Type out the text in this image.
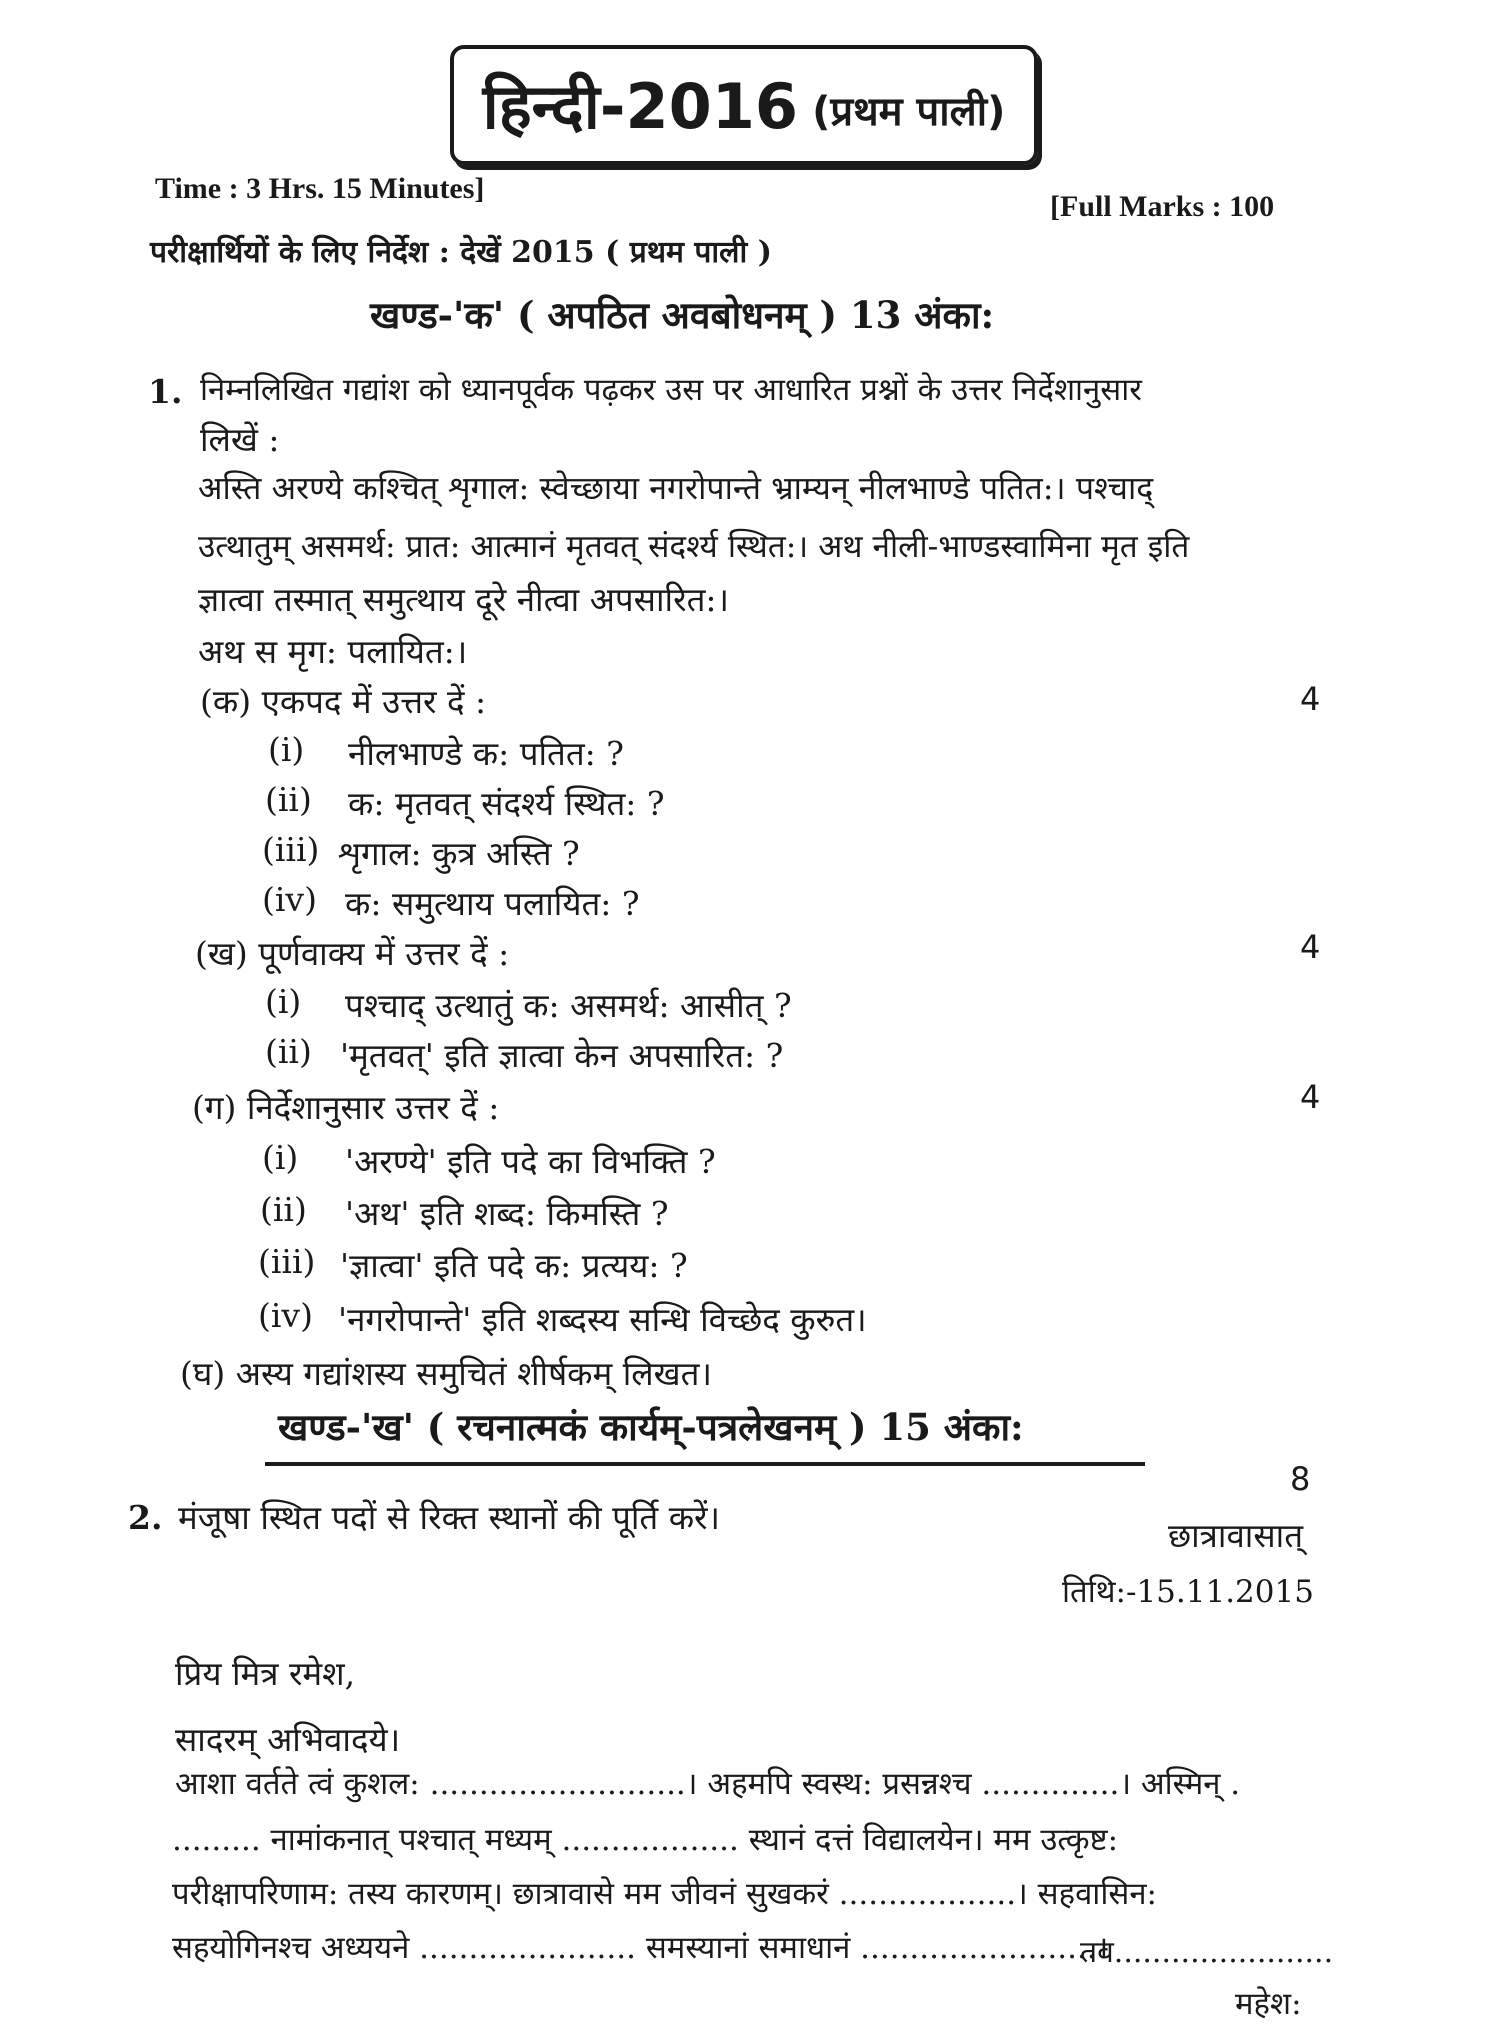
हिन्दी-2016 (प्रथम पाली)
Time : 3 Hrs. 15 Minutes]
[Full Marks : 100
परीक्षार्थियों के लिए निर्देश : देखें 2015 ( प्रथम पाली )
खण्ड-'क' ( अपठित अवबोधनम् ) 13 अंका:
1. निम्नलिखित गद्यांश को ध्यानपूर्वक पढ़कर उस पर आधारित प्रश्नों के उत्तर निर्देशानुसार
लिखें :
अस्ति अरण्ये कश्चित् शृगाल: स्वेच्छाया नगरोपान्ते भ्राम्यन् नीलभाण्डे पतित:। पश्चाद्
उत्थातुम् असमर्थ: प्रात: आत्मानं मृतवत् संदर्श्य स्थित:। अथ नीली-भाण्डस्वामिना मृत इति
ज्ञात्वा तस्मात् समुत्थाय दूरे नीत्वा अपसारित:।
अथ स मृग: पलायित:।
(क) एकपद में उत्तर दें :	4
(i) नीलभाण्डे क: पतित: ?
(ii) क: मृतवत् संदर्श्य स्थित: ?
(iii) शृगाल: कुत्र अस्ति ?
(iv) क: समुत्थाय पलायित: ?
(ख) पूर्णवाक्य में उत्तर दें :	4
(i) पश्चाद् उत्थातुं क: असमर्थ: आसीत् ?
(ii) 'मृतवत्' इति ज्ञात्वा केन अपसारित: ?
(ग) निर्देशानुसार उत्तर दें :	4
(i) 'अरण्ये' इति पदे का विभक्ति ?
(ii) 'अथ' इति शब्द: किमस्ति ?
(iii) 'ज्ञात्वा' इति पदे क: प्रत्यय: ?
(iv) 'नगरोपान्ते' इति शब्दस्य सन्धि विच्छेद कुरुत।
(घ) अस्य गद्यांशस्य समुचितं शीर्षकम् लिखत।
खण्ड-'ख' ( रचनात्मकं कार्यम्-पत्रलेखनम् ) 15 अंका:
8
2. मंजूषा स्थित पदों से रिक्त स्थानों की पूर्ति करें।	छात्रावासात्
तिथि:-15.11.2015
प्रिय मित्र रमेश,
सादरम् अभिवादये।
आशा वर्तते त्वं कुशल: ..........................। अहमपि स्वस्थ: प्रसन्नश्च ..............। अस्मिन् .
......... नामांकनात् पश्चात् मध्यम् .................. स्थानं दत्तं विद्यालयेन। मम उत्कृष्ट:
परीक्षापरिणाम: तस्य कारणम्। छात्रावासे मम जीवनं सुखकरं ..................। सहवासिन:
सहयोगिनश्च अध्ययने ...................... समस्यानां समाधानं ........................।
तव.......................
महेश:
